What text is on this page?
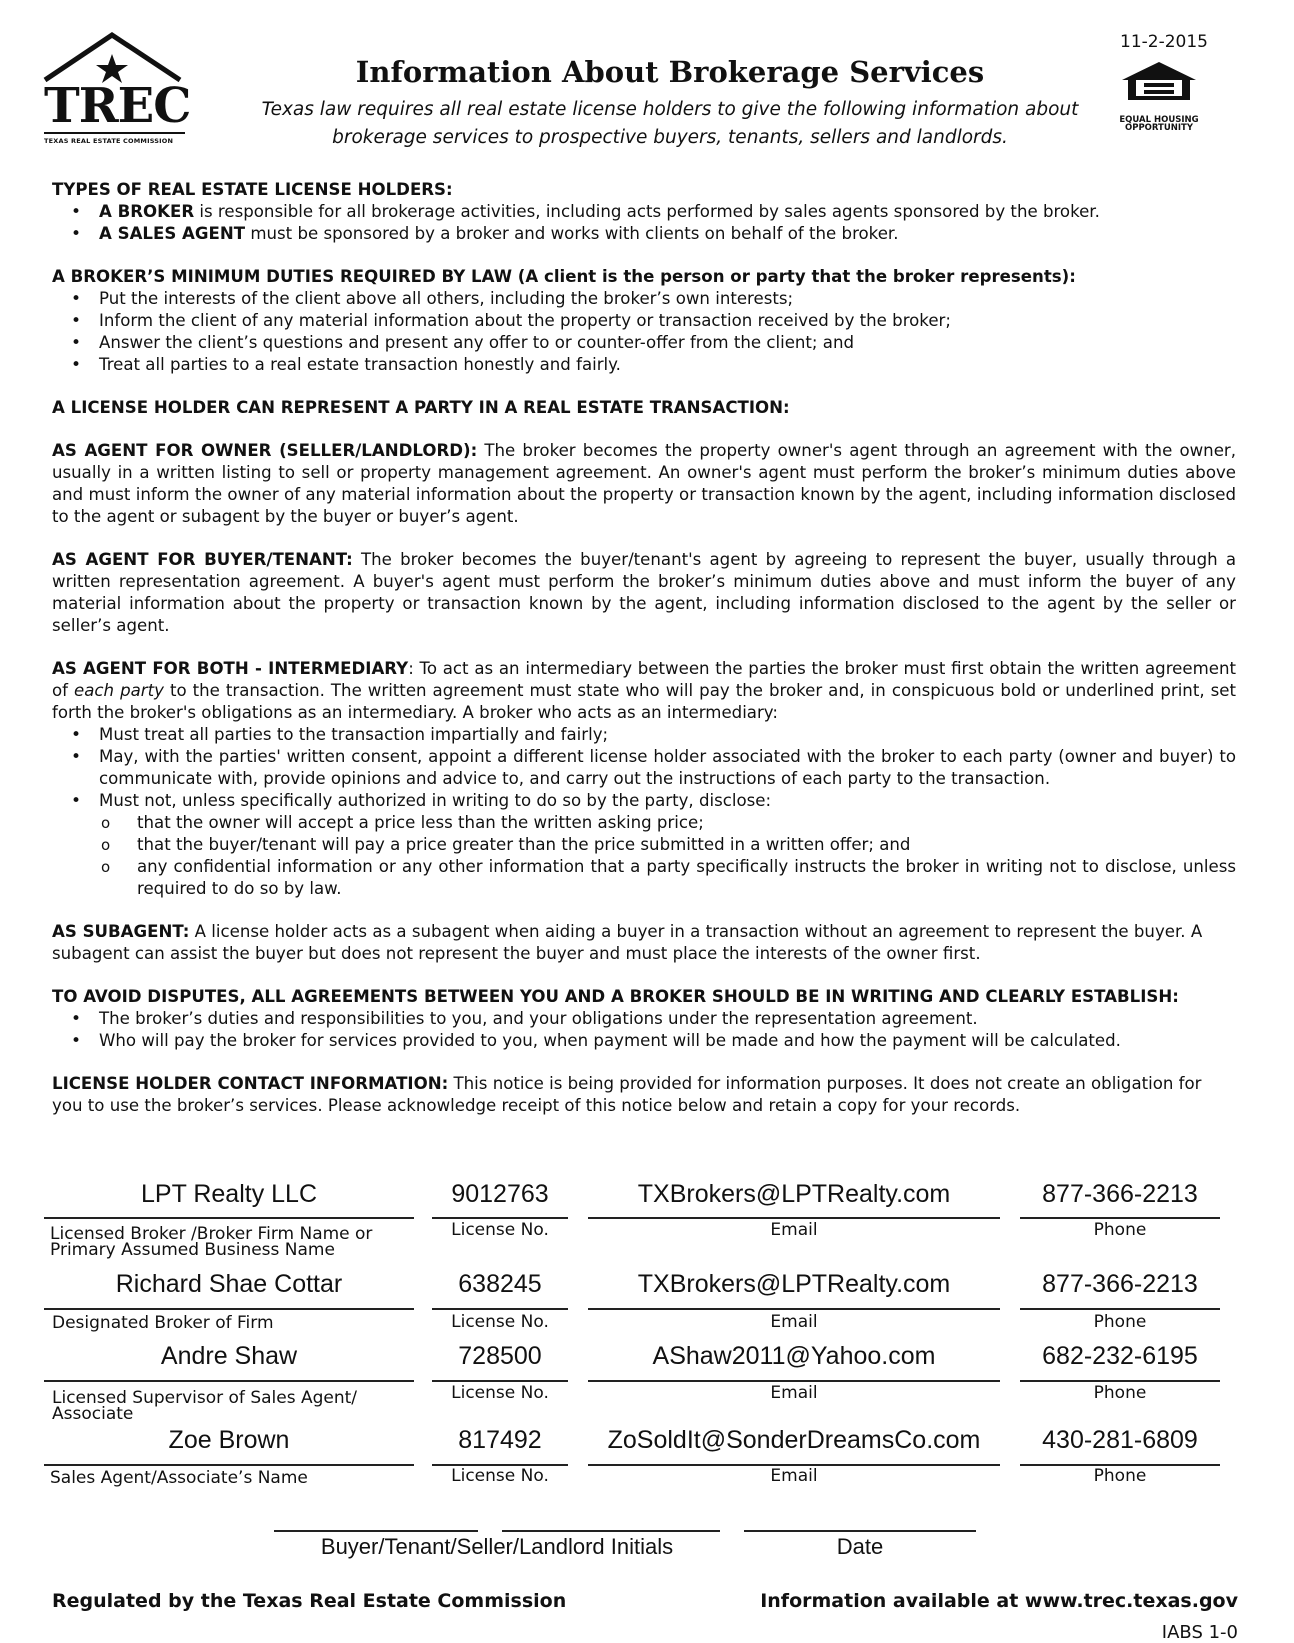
TREC
TEXAS REAL ESTATE COMMISSION
11-2-2015
Information About Brokerage Services
Texas law requires all real estate license holders to give the following information about
brokerage services to prospective buyers, tenants, sellers and landlords.
EQUAL HOUSING
OPPORTUNITY

TYPES OF REAL ESTATE LICENSE HOLDERS:

• A BROKER is responsible for all brokerage activities, including acts performed by sales agents sponsored by the broker.
• A SALES AGENT must be sponsored by a broker and works with clients on behalf of the broker.

A BROKER’S MINIMUM DUTIES REQUIRED BY LAW (A client is the person or party that the broker represents):

• Put the interests of the client above all others, including the broker’s own interests;
• Inform the client of any material information about the property or transaction received by the broker;
• Answer the client’s questions and present any offer to or counter-offer from the client; and
• Treat all parties to a real estate transaction honestly and fairly.

A LICENSE HOLDER CAN REPRESENT A PARTY IN A REAL ESTATE TRANSACTION:

AS AGENT FOR OWNER (SELLER/LANDLORD): The broker becomes the property owner's agent through an agreement with the owner, usually in a written listing to sell or property management agreement. An owner's agent must perform the broker’s minimum duties above and must inform the owner of any material information about the property or transaction known by the agent, including information disclosed to the agent or subagent by the buyer or buyer’s agent.

AS AGENT FOR BUYER/TENANT: The broker becomes the buyer/tenant's agent by agreeing to represent the buyer, usually through a written representation agreement. A buyer's agent must perform the broker’s minimum duties above and must inform the buyer of any material information about the property or transaction known by the agent, including information disclosed to the agent by the seller or seller’s agent.

AS AGENT FOR BOTH - INTERMEDIARY: To act as an intermediary between the parties the broker must first obtain the written agreement of each party to the transaction. The written agreement must state who will pay the broker and, in conspicuous bold or underlined print, set forth the broker's obligations as an intermediary. A broker who acts as an intermediary:

• Must treat all parties to the transaction impartially and fairly;
• May, with the parties' written consent, appoint a different license holder associated with the broker to each party (owner and buyer) to communicate with, provide opinions and advice to, and carry out the instructions of each party to the transaction.
• Must not, unless specifically authorized in writing to do so by the party, disclose:
o that the owner will accept a price less than the written asking price;
o that the buyer/tenant will pay a price greater than the price submitted in a written offer; and
o any confidential information or any other information that a party specifically instructs the broker in writing not to disclose, unless required to do so by law.

AS SUBAGENT: A license holder acts as a subagent when aiding a buyer in a transaction without an agreement to represent the buyer. A subagent can assist the buyer but does not represent the buyer and must place the interests of the owner first.

TO AVOID DISPUTES, ALL AGREEMENTS BETWEEN YOU AND A BROKER SHOULD BE IN WRITING AND CLEARLY ESTABLISH:

• The broker’s duties and responsibilities to you, and your obligations under the representation agreement.
• Who will pay the broker for services provided to you, when payment will be made and how the payment will be calculated.

LICENSE HOLDER CONTACT INFORMATION: This notice is being provided for information purposes. It does not create an obligation for you to use the broker’s services. Please acknowledge receipt of this notice below and retain a copy for your records.

LPT Realty LLC	9012763	TXBrokers@LPTRealty.com	877-366-2213
Licensed Broker /Broker Firm Name or Primary Assumed Business Name
License No.	Email	Phone
Richard Shae Cottar	638245	TXBrokers@LPTRealty.com	877-366-2213
Designated Broker of Firm	License No.	Email	Phone
Andre Shaw	728500	AShaw2011@Yahoo.com	682-232-6195
Licensed Supervisor of Sales Agent/ Associate
License No.	Email	Phone
Zoe Brown	817492	ZoSoldIt@SonderDreamsCo.com	430-281-6809
Sales Agent/Associate’s Name	License No.	Email	Phone
Buyer/Tenant/Seller/Landlord Initials	Date
Regulated by the Texas Real Estate Commission	Information available at www.trec.texas.gov
IABS 1-0
